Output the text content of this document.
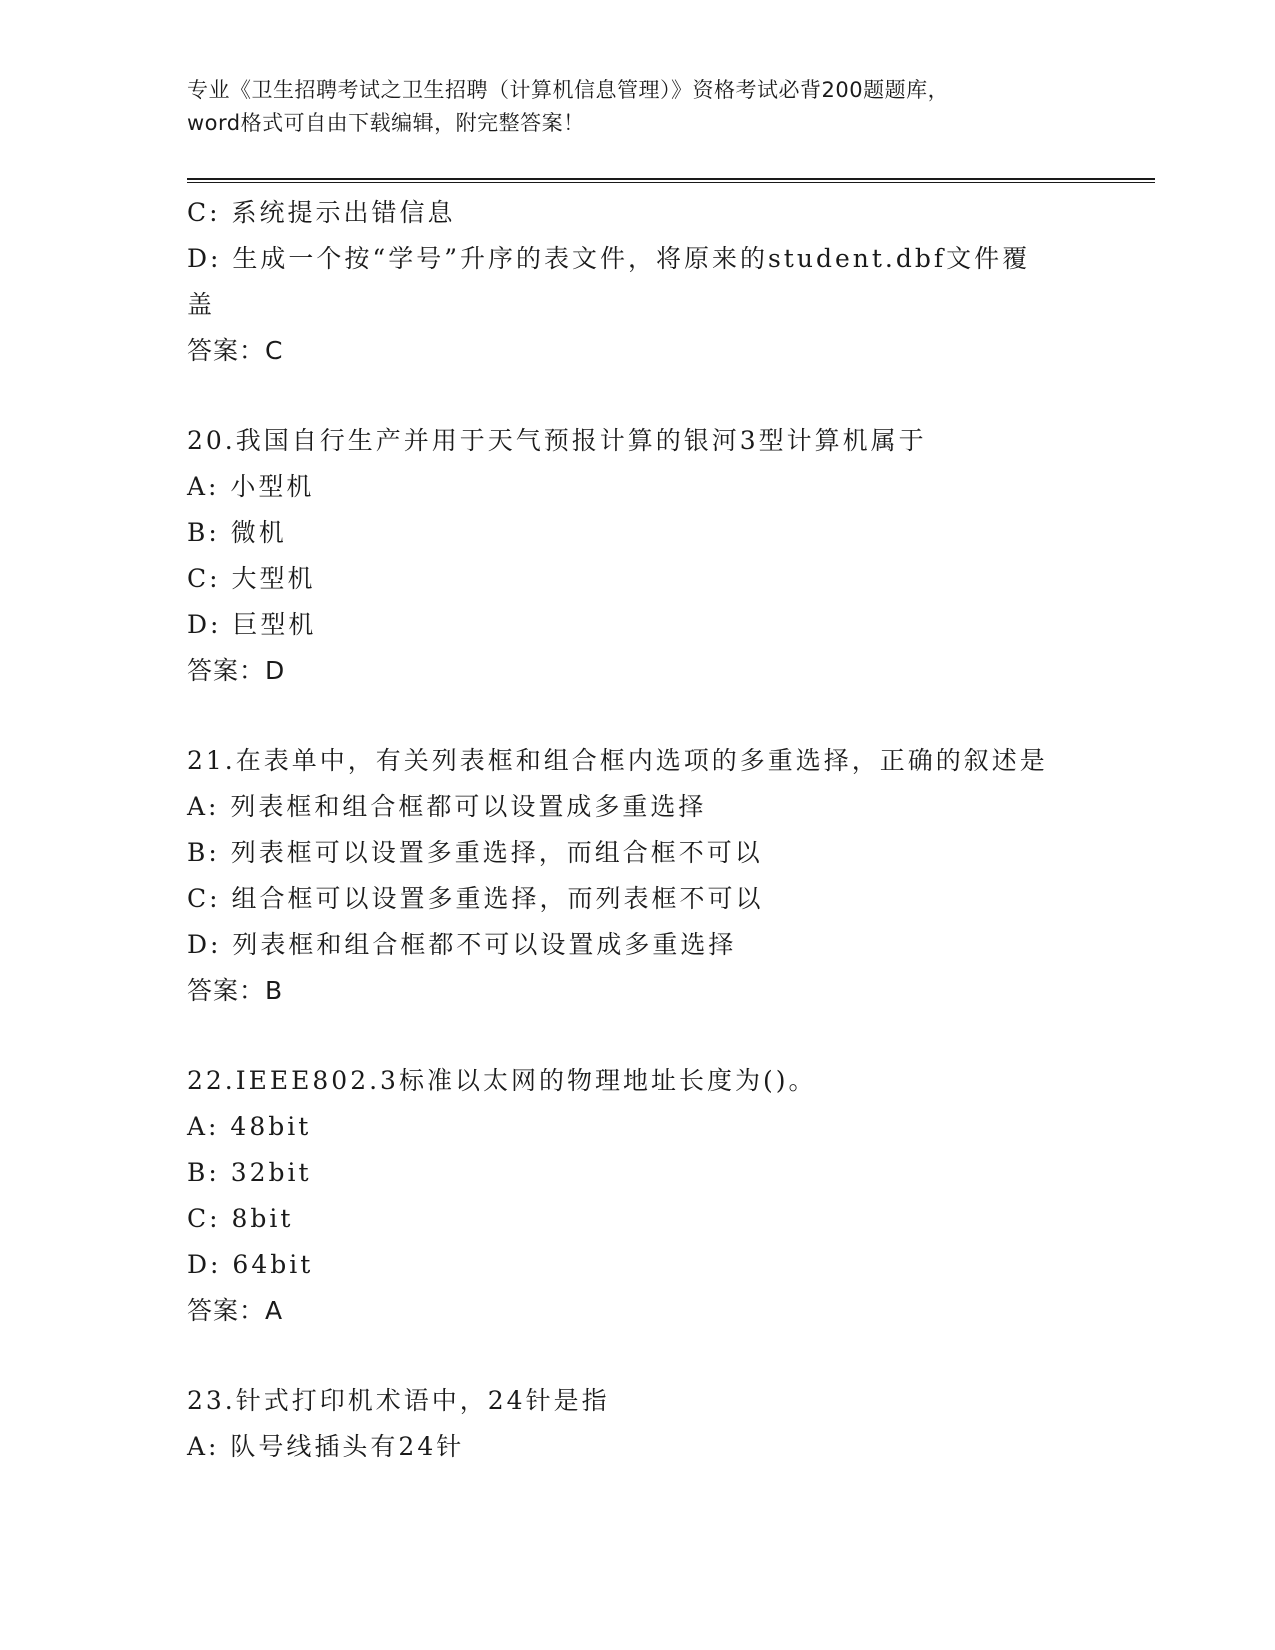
专业《卫生招聘考试之卫生招聘（计算机信息管理）》资格考试必背200题题库，
word格式可自由下载编辑，附完整答案！
C: 系统提示出错信息
D: 生成一个按“学号”升序的表文件，将原来的student.dbf文件覆
盖
答案：C
20.我国自行生产并用于天气预报计算的银河3型计算机属于
A: 小型机
B: 微机
C: 大型机
D: 巨型机
答案：D
21.在表单中，有关列表框和组合框内选项的多重选择，正确的叙述是
A: 列表框和组合框都可以设置成多重选择
B: 列表框可以设置多重选择，而组合框不可以
C: 组合框可以设置多重选择，而列表框不可以
D: 列表框和组合框都不可以设置成多重选择
答案：B
22.IEEE802.3标准以太网的物理地址长度为()。
A: 48bit
B: 32bit
C: 8bit
D: 64bit
答案：A
23.针式打印机术语中，24针是指
A: 队号线插头有24针
